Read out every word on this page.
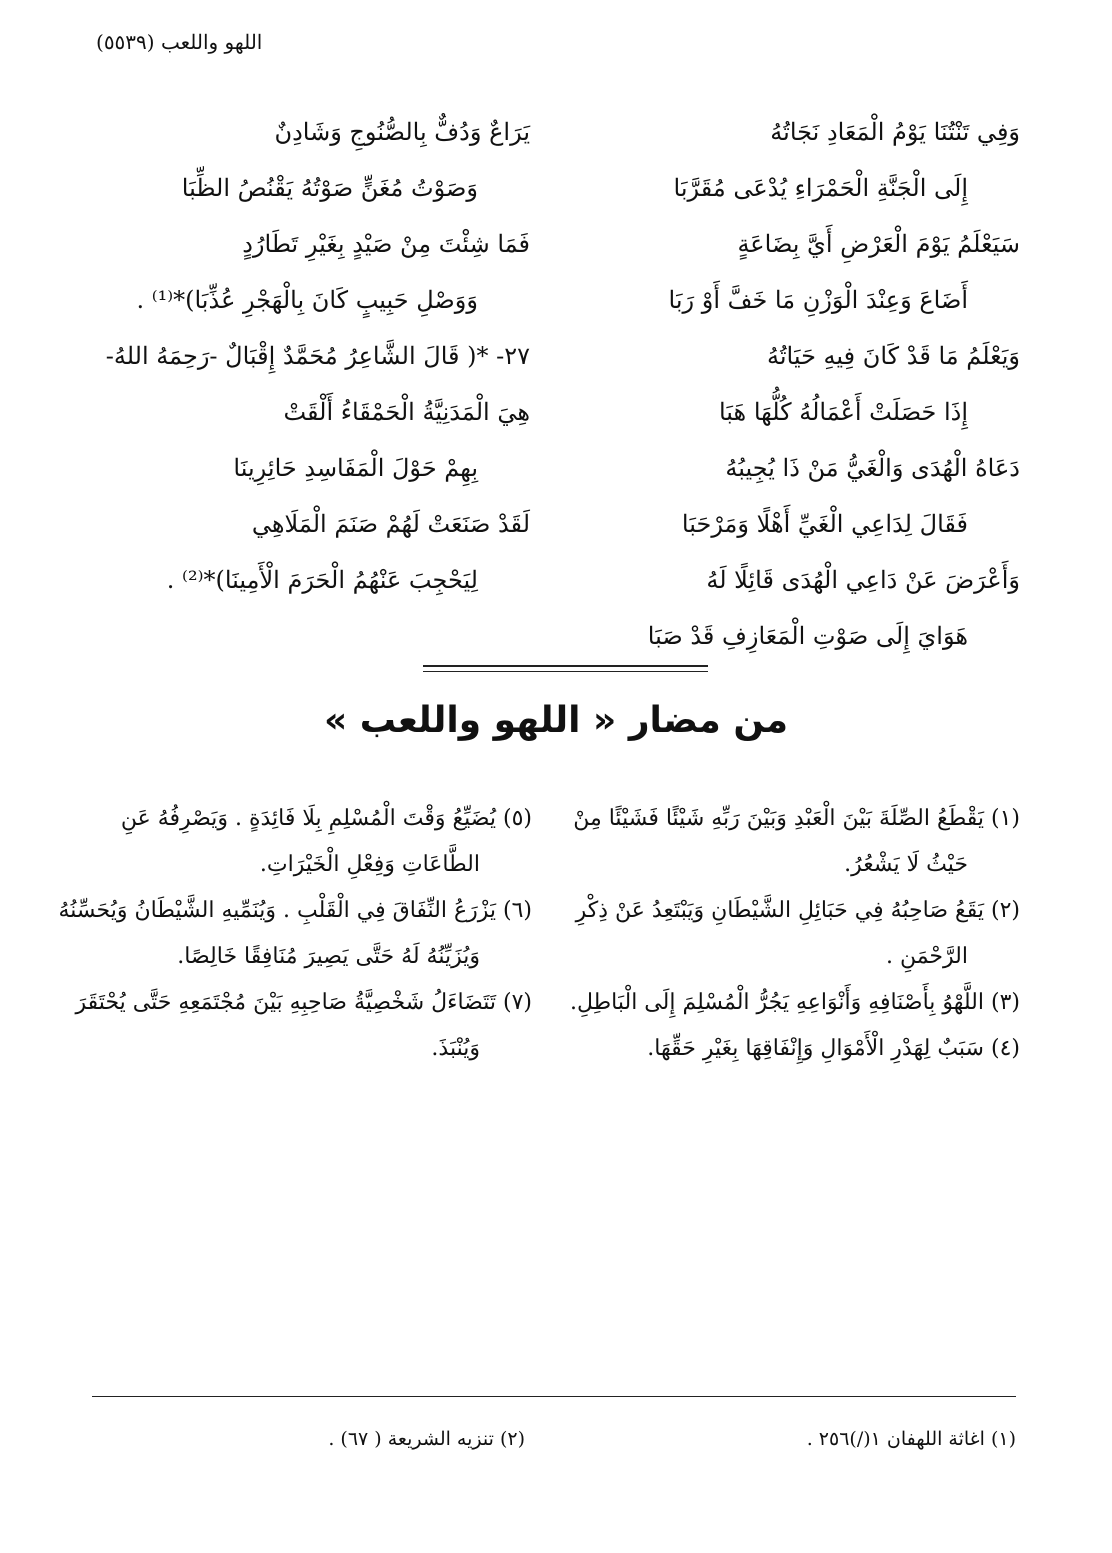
اللهو واللعب (٥٥٣٩)
وَفِي تَنْتُنَا يَوْمُ الْمَعَادِ نَجَاتُهُ
إِلَى الْجَنَّةِ الْحَمْرَاءِ يُدْعَى مُقَرَّبَا
سَيَعْلَمُ يَوْمَ الْعَرْضِ أَيَّ بِضَاعَةٍ
أَضَاعَ وَعِنْدَ الْوَزْنِ مَا خَفَّ أَوْ رَبَا
وَيَعْلَمُ مَا قَدْ كَانَ فِيهِ حَيَاتُهُ
إِذَا حَصَلَتْ أَعْمَالُهُ كُلُّهَا هَبَا
دَعَاهُ الْهُدَى وَالْغَيُّ مَنْ ذَا يُجِيبُهُ
فَقَالَ لِدَاعِي الْغَيِّ أَهْلًا وَمَرْحَبَا
وَأَعْرَضَ عَنْ دَاعِي الْهُدَى قَائِلًا لَهُ
هَوَايَ إِلَى صَوْتِ الْمَعَازِفِ قَدْ صَبَا
يَرَاعٌ وَدُفٌّ بِالصُّنُوجِ وَشَادِنٌ
وَصَوْتُ مُغَنٍّ صَوْتُهُ يَقْنُصُ الظِّبَا
فَمَا شِئْتَ مِنْ صَيْدٍ بِغَيْرِ تَطَارُدٍ
وَوَصْلِ حَبِيبٍ كَانَ بِالْهَجْرِ عُذِّبَا)*⁽¹⁾ .
٢٧- *( قَالَ الشَّاعِرُ مُحَمَّدٌ إِقْبَالٌ -رَحِمَهُ اللهُ-
هِيَ الْمَدَنِيَّةُ الْحَمْقَاءُ أَلْقَتْ
بِهِمْ حَوْلَ الْمَفَاسِدِ حَائِرِينَا
لَقَدْ صَنَعَتْ لَهُمْ صَنَمَ الْمَلَاهِي
لِيَحْجِبَ عَنْهُمُ الْحَرَمَ الْأَمِينَا)*⁽²⁾ .
من مضار « اللهو واللعب »
(١) يَقْطَعُ الصِّلَةَ بَيْنَ الْعَبْدِ وَبَيْنَ رَبِّهِ شَيْئًا فَشَيْئًا مِنْ
حَيْثُ لَا يَشْعُرُ.
(٢) يَقَعُ صَاحِبُهُ فِي حَبَائِلِ الشَّيْطَانِ وَيَبْتَعِدُ عَنْ ذِكْرِ
الرَّحْمَنِ .
(٣) اللَّهْوُ بِأَصْنَافِهِ وَأَنْوَاعِهِ يَجُرُّ الْمُسْلِمَ إِلَى الْبَاطِلِ.
(٤) سَبَبٌ لِهَدْرِ الْأَمْوَالِ وَإِنْفَاقِهَا بِغَيْرِ حَقِّهَا.
(٥) يُضَيِّعُ وَقْتَ الْمُسْلِمِ بِلَا فَائِدَةٍ . وَيَصْرِفُهُ عَنِ
الطَّاعَاتِ وَفِعْلِ الْخَيْرَاتِ.
(٦) يَزْرَعُ النِّفَاقَ فِي الْقَلْبِ . وَيُنَمِّيهِ الشَّيْطَانُ وَيُحَسِّنُهُ
وَيُزَيِّنُهُ لَهُ حَتَّى يَصِيرَ مُنَافِقًا خَالِصًا.
(٧) تَتَضَاءَلُ شَخْصِيَّةُ صَاحِبِهِ بَيْنَ مُجْتَمَعِهِ حَتَّى يُحْتَقَرَ
وَيُنْبَذَ.
(١) اغاثة اللهفان ١(/)٢٥٦ .
(٢) تنزيه الشريعة ( ٦٧) .
